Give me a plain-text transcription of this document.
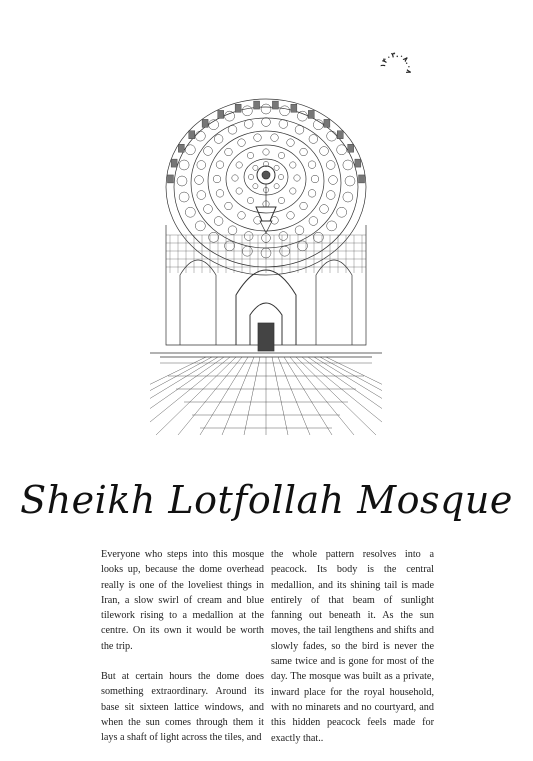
۱۴۰۳.۰۸.۰۸
Sheikh Lotfollah Mosque

Everyone who steps into this mosque looks up, because the dome overhead really is one of the loveliest things in Iran, a slow swirl of cream and blue tilework rising to a medallion at the centre. On its own it would be worth the trip.

But at certain hours the dome does something extraordinary. Around its base sit sixteen lattice windows, and when the sun comes through them it lays a shaft of light across the tiles, and

the whole pattern resolves into a peacock. Its body is the central medallion, and its shining tail is made entirely of that beam of sunlight fanning out beneath it. As the sun moves, the tail lengthens and shifts and slowly fades, so the bird is never the same twice and is gone for most of the day. The mosque was built as a private, inward place for the royal household, with no minarets and no courtyard, and this hidden peacock feels made for exactly that..
